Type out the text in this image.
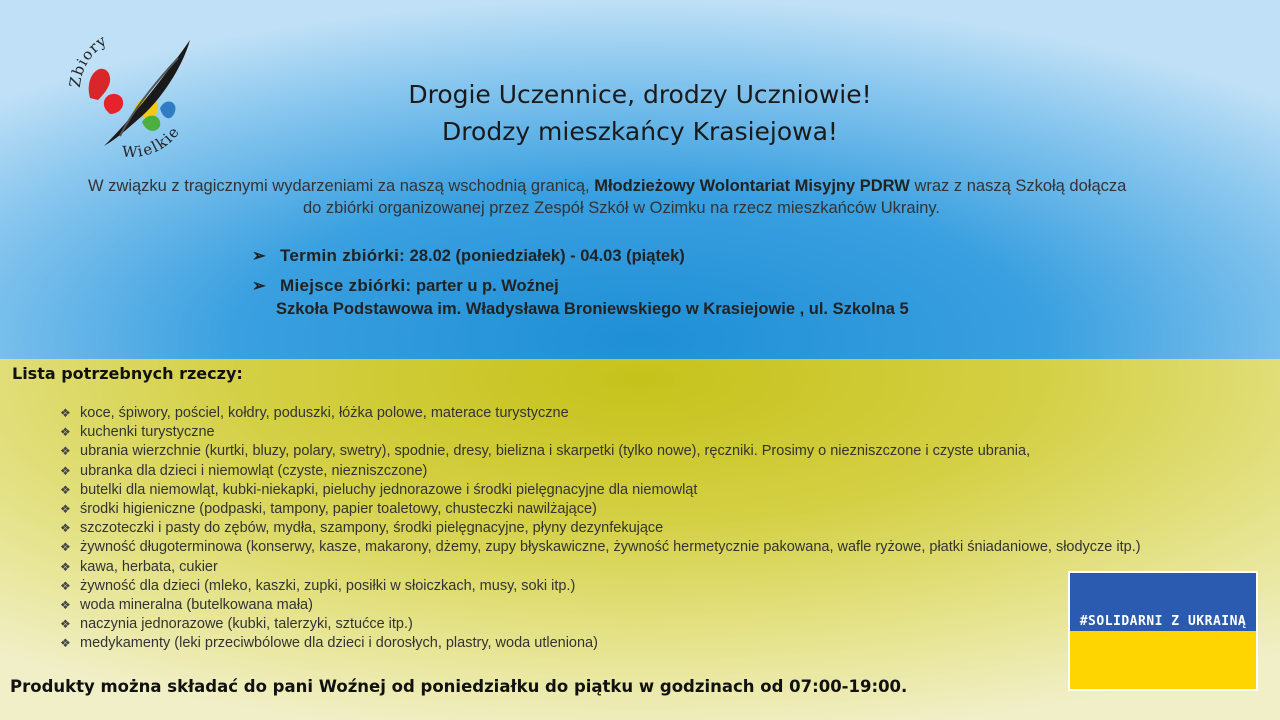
Zbiory
Wielkie
Drogie Uczennice, drodzy Uczniowie!
Drodzy mieszkańcy Krasiejowa!
W związku z tragicznymi wydarzeniami za naszą wschodnią granicą, Młodzieżowy Wolontariat Misyjny PDRW wraz z naszą Szkołą dołącza
do zbiórki organizowanej przez Zespół Szkół w Ozimku na rzecz mieszkańców Ukrainy.
➢ Termin zbiórki: 28.02 (poniedziałek) - 04.03 (piątek)
➢ Miejsce zbiórki: parter u p. Woźnej
Szkoła Podstawowa im. Władysława Broniewskiego w Krasiejowie , ul. Szkolna 5
Lista potrzebnych rzeczy:
❖ koce, śpiwory, pościel, kołdry, poduszki, łóżka polowe, materace turystyczne
❖ kuchenki turystyczne
❖ ubrania wierzchnie (kurtki, bluzy, polary, swetry), spodnie, dresy, bielizna i skarpetki (tylko nowe), ręczniki. Prosimy o niezniszczone i czyste ubrania,
❖ ubranka dla dzieci i niemowląt (czyste, niezniszczone)
❖ butelki dla niemowląt, kubki-niekapki, pieluchy jednorazowe i środki pielęgnacyjne dla niemowląt
❖ środki higieniczne (podpaski, tampony, papier toaletowy, chusteczki nawilżające)
❖ szczoteczki i pasty do zębów, mydła, szampony, środki pielęgnacyjne, płyny dezynfekujące
❖ żywność długoterminowa (konserwy, kasze, makarony, dżemy, zupy błyskawiczne, żywność hermetycznie pakowana, wafle ryżowe, płatki śniadaniowe, słodycze itp.)
❖ kawa, herbata, cukier
❖ żywność dla dzieci (mleko, kaszki, zupki, posiłki w słoiczkach, musy, soki itp.)
❖ woda mineralna (butelkowana mała)
❖ naczynia jednorazowe (kubki, talerzyki, sztućce itp.)
❖ medykamenty (leki przeciwbólowe dla dzieci i dorosłych, plastry, woda utleniona)
Produkty można składać do pani Woźnej od poniedziałku do piątku w godzinach od 07:00-19:00.
#SOLIDARNI Z UKRAINĄ
